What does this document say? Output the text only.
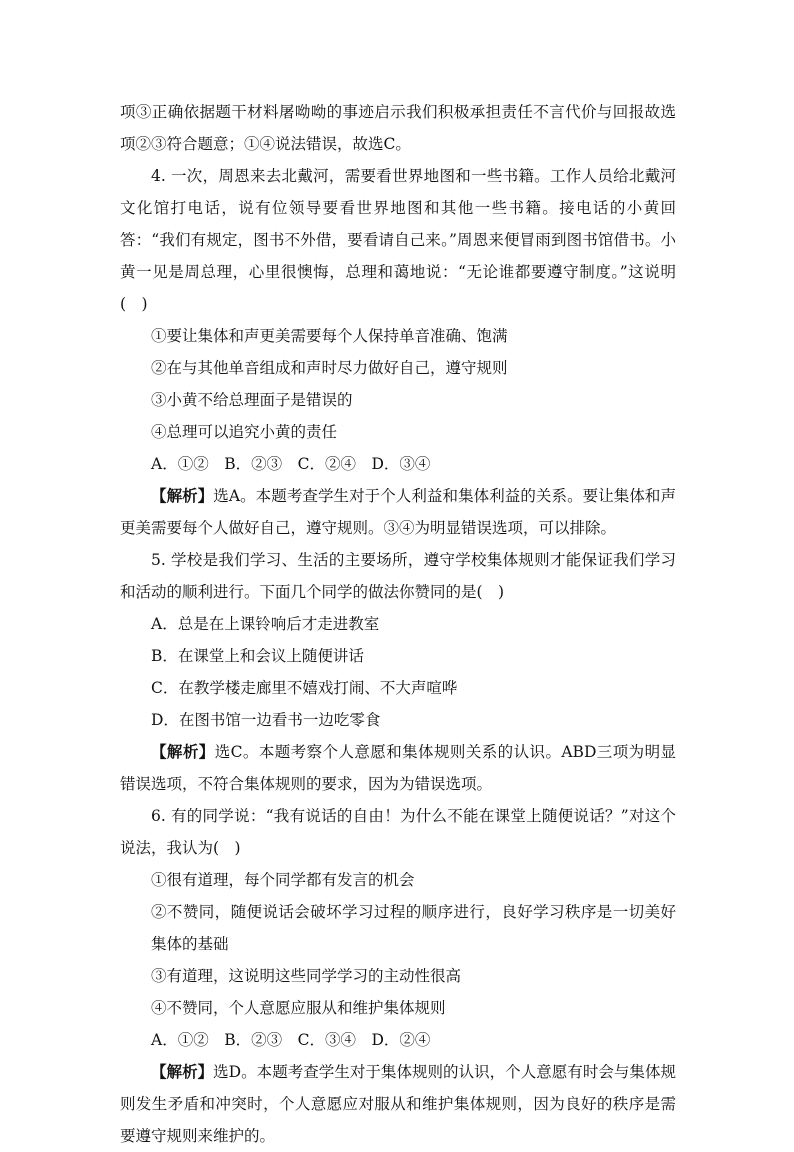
项③正确依据题干材料屠呦呦的事迹启示我们积极承担责任不言代价与回报故选项②③符合题意；①④说法错误，故选C。

4. 一次，周恩来去北戴河，需要看世界地图和一些书籍。工作人员给北戴河文化馆打电话，说有位领导要看世界地图和其他一些书籍。接电话的小黄回答：“我们有规定，图书不外借，要看请自己来。”周恩来便冒雨到图书馆借书。小黄一见是周总理，心里很懊悔，总理和蔼地说：“无论谁都要遵守制度。”这说明(　)

①要让集体和声更美需要每个人保持单音准确、饱满

②在与其他单音组成和声时尽力做好自己，遵守规则

③小黄不给总理面子是错误的

④总理可以追究小黄的责任

A．①②　B．②③　C．②④　D．③④

【解析】选A。本题考查学生对于个人利益和集体利益的关系。要让集体和声更美需要每个人做好自己，遵守规则。③④为明显错误选项，可以排除。

5. 学校是我们学习、生活的主要场所，遵守学校集体规则才能保证我们学习和活动的顺利进行。下面几个同学的做法你赞同的是(　)

A．总是在上课铃响后才走进教室

B．在课堂上和会议上随便讲话

C．在教学楼走廊里不嬉戏打闹、不大声喧哗

D．在图书馆一边看书一边吃零食

【解析】选C。本题考察个人意愿和集体规则关系的认识。ABD三项为明显错误选项，不符合集体规则的要求，因为为错误选项。

6. 有的同学说：“我有说话的自由！为什么不能在课堂上随便说话？”对这个说法，我认为(　)

①很有道理，每个同学都有发言的机会

②不赞同，随便说话会破坏学习过程的顺序进行，良好学习秩序是一切美好集体的基础

③有道理，这说明这些同学学习的主动性很高

④不赞同，个人意愿应服从和维护集体规则

A．①②　B．②③　C．③④　D．②④

【解析】选D。本题考查学生对于集体规则的认识，个人意愿有时会与集体规则发生矛盾和冲突时，个人意愿应对服从和维护集体规则，因为良好的秩序是需要遵守规则来维护的。
